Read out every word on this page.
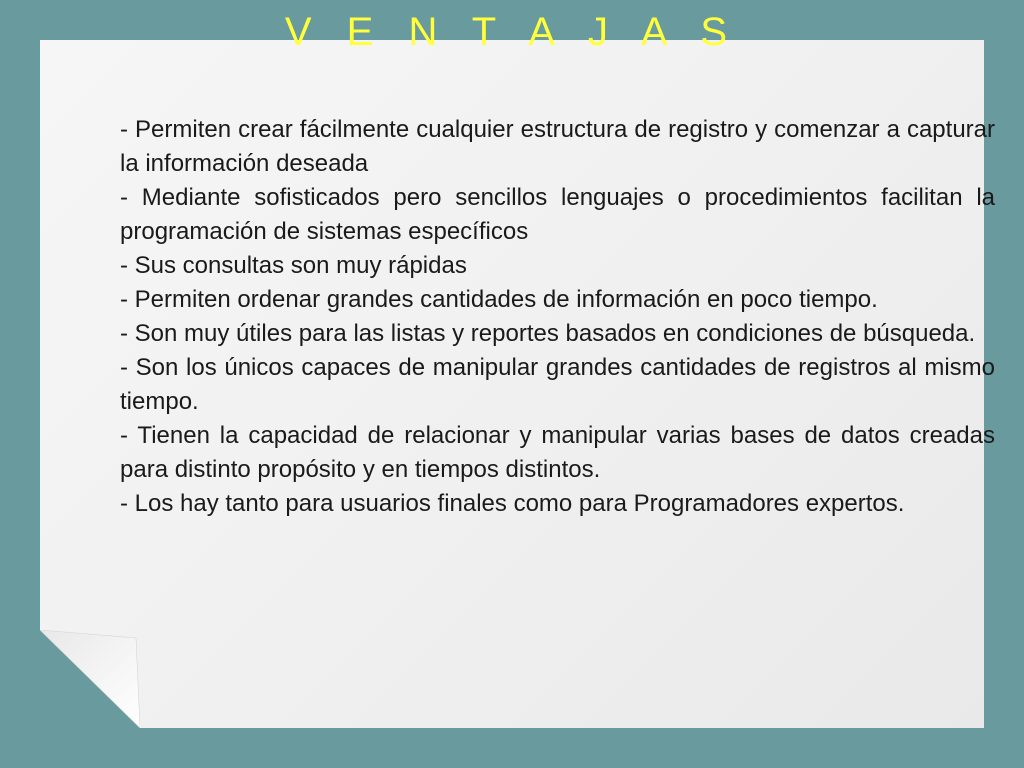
V E N T A J A S

- Permiten crear fácilmente cualquier estructura de registro y comenzar a capturar la información deseada

- Mediante sofisticados pero sencillos lenguajes o procedimientos facilitan la programación de sistemas específicos

- Sus consultas son muy rápidas

- Permiten ordenar grandes cantidades de información en poco tiempo.

- Son muy útiles para las listas y reportes basados en condiciones de búsqueda.

- Son los únicos capaces de manipular grandes cantidades de registros al mismo tiempo.

- Tienen la capacidad de relacionar y manipular varias bases de datos creadas para distinto propósito y en tiempos distintos.

- Los hay tanto para usuarios finales como para Programadores expertos.
